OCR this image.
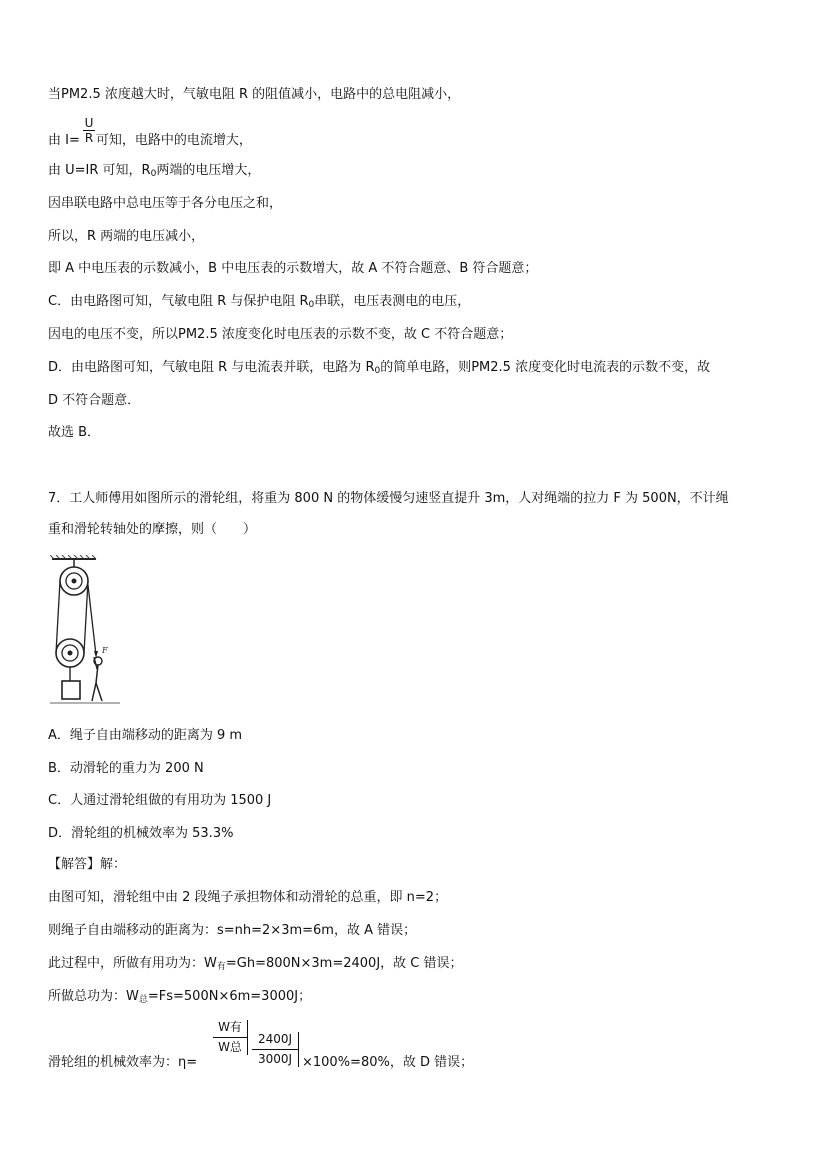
当PM2.5 浓度越大时，气敏电阻 R 的阻值减小，电路中的总电阻减小，
由 I= 可知，电路中的电流增大，
$\frac{U}{R}$
由 U=IR 可知，$R_0$两端的电压增大，
因串联电路中总电压等于各分电压之和，
所以，R 两端的电压减小，
即 A 中电压表的示数减小，B 中电压表的示数增大，故 A 不符合题意、B 符合题意；
C．由电路图可知，气敏电阻 R 与保护电阻 $R_0$串联，电压表测电的电压，
因电的电压不变，所以PM2.5 浓度变化时电压表的示数不变，故 C 不符合题意；
D．由电路图可知，气敏电阻 R 与电流表并联，电路为 $R_0$的简单电路，则PM2.5 浓度变化时电流表的示数不变，故
D 不符合题意．
故选 B．
7．工人师傅用如图所示的滑轮组，将重为 800 N 的物体缓慢匀速竖直提升 3m，人对绳端的拉力 F 为 500N，不计绳
重和滑轮转轴处的摩擦，则（　　）
F
A．绳子自由端移动的距离为 9 m
B．动滑轮的重力为 200 N
C．人通过滑轮组做的有用功为 1500 J
D．滑轮组的机械效率为 53.3%
【解答】解：
由图可知，滑轮组中由 2 段绳子承担物体和动滑轮的总重，即 n=2；
则绳子自由端移动的距离为：s=nh=2×3m=6m，故 A 错误；
此过程中，所做有用功为：$W_有=Gh=800N\times 3m=2400J$，故 C 错误；
所做总功为：$W_总=Fs=500N\times 6m=3000J$；
滑轮组的机械效率为：η=
W有
W总 $\frac{2400J}{3000J} \times 100\%=80\%$，故 D 错误；
